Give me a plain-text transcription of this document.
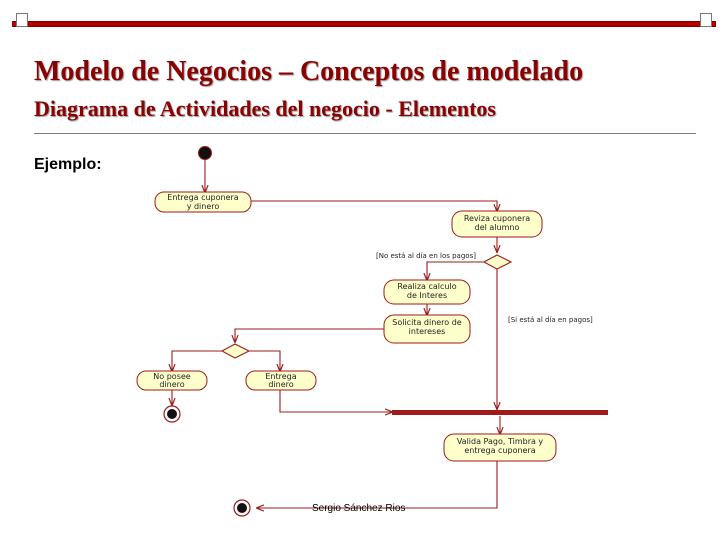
Modelo de Negocios – Conceptos de modelado
Diagrama de Actividades del negocio - Elementos

Ejemplo:

Entrega cuponera
y dinero
Reviza cuponera
del alumno
[No está al día en los pagos]
[Si está al día en pagos]
Realiza calculo
de Interes
Solicita dinero de
intereses
No posee
dinero
Entrega
dinero
Valida Pago, Timbra y
entrega cuponera
Sergio Sánchez Rios
